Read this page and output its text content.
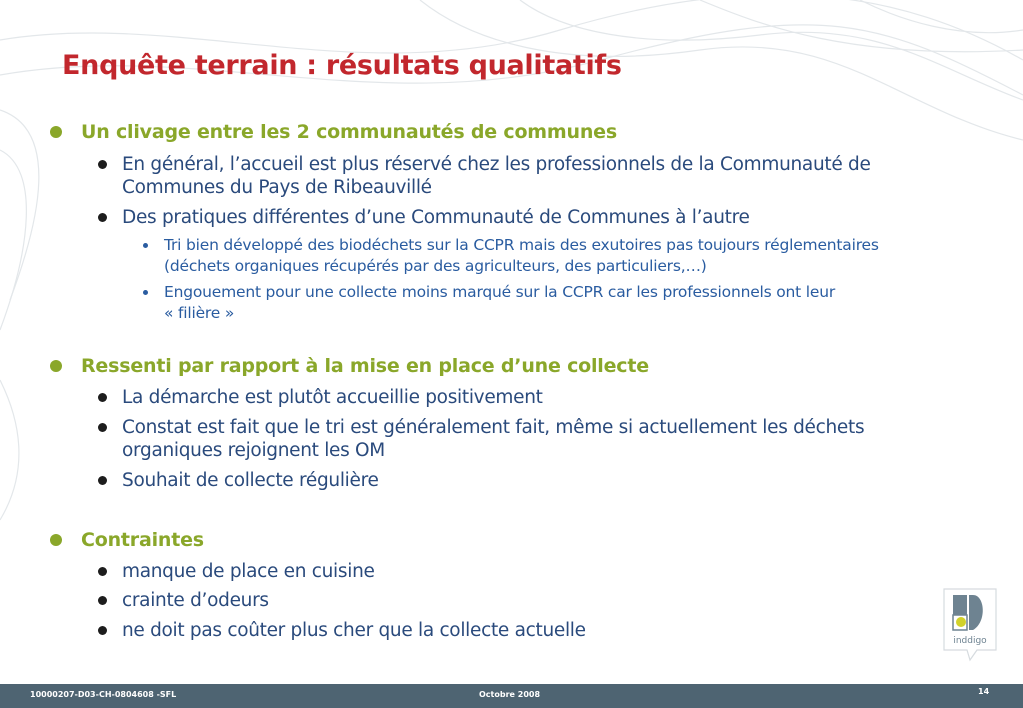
Enquête terrain : résultats qualitatifs
Un clivage entre les 2 communautés de communes
En général, l’accueil est plus réservé chez les professionnels de la Communauté de
Communes du Pays de Ribeauvillé
Des pratiques différentes d’une Communauté de Communes à l’autre
Tri bien développé des biodéchets sur la CCPR mais des exutoires pas toujours réglementaires
(déchets organiques récupérés par des agriculteurs, des particuliers,…)
Engouement pour une collecte moins marqué sur la CCPR car les professionnels ont leur
« filière »
Ressenti par rapport à la mise en place d’une collecte
La démarche est plutôt accueillie positivement
Constat est fait que le tri est généralement fait, même si actuellement les déchets
organiques rejoignent les OM
Souhait de collecte régulière
Contraintes
manque de place en cuisine
crainte d’odeurs
ne doit pas coûter plus cher que la collecte actuelle	inddigo
10000207-D03-CH-0804608 -SFL	Octobre 2008	14
